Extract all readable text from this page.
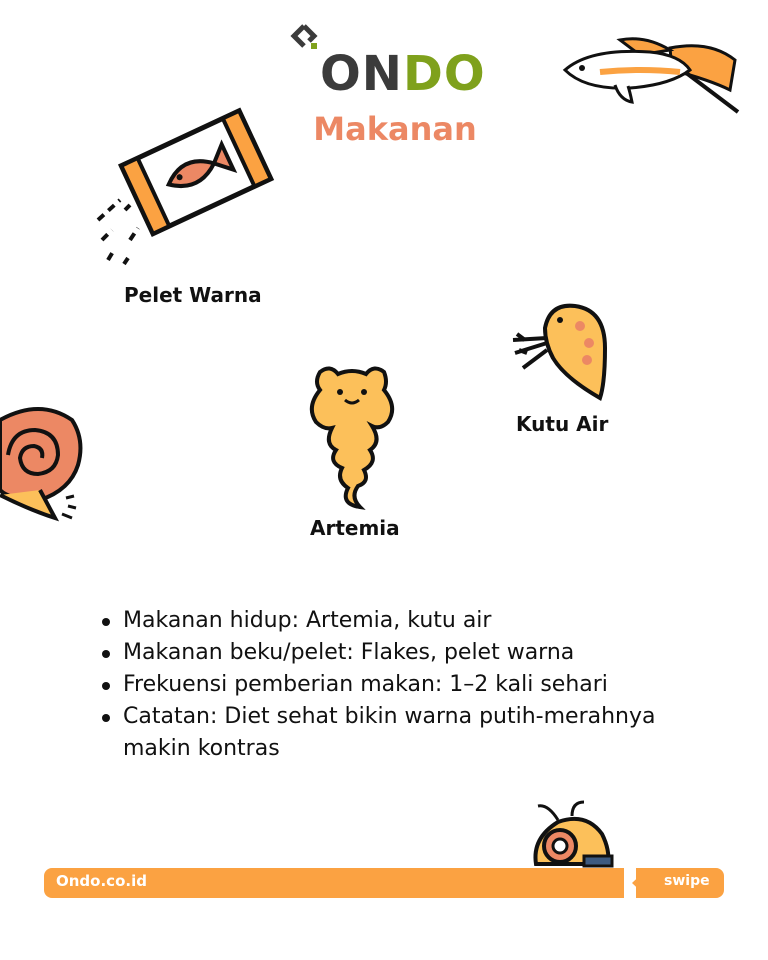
ONDO
Makanan
Pelet Warna
Kutu Air
Artemia
Makanan hidup: Artemia, kutu air
Makanan beku/pelet: Flakes, pelet warna
Frekuensi pemberian makan: 1–2 kali sehari
Catatan: Diet sehat bikin warna putih-merahnya makin kontras
Ondo.co.id	swipe
